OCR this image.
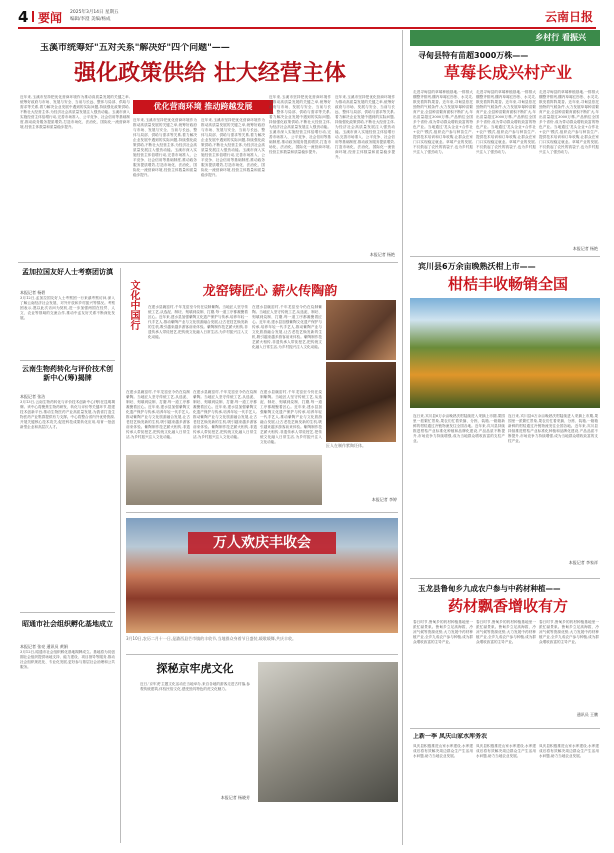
4 要闻 2025年3月14日 星期五
编辑/李澄 美编/杨成	云南日报
玉溪市统筹好"五对关系"解决好"四个问题"——
强化政策供给 壮大经营主体
近年来,玉溪市坚持把优化营商环境作为推动高质量发展的关键之举,统筹好政府与市场、发展与安全、当前与长远、整体与局部、供给与需求等关系,着力解决企业发展中遇到的实际问题,持续强化政策供给,不断壮大经营主体,为经济社会高质量发展注入强劲动能。玉溪市深入实施经营主体倍增行动,完善市场准入、公平竞争、社会信用等基础制度,推动政务服务提质增效,打造市场化、法治化、国际化一流营商环境,经营主体数量和质量稳步提升。
优化营商环境 推动跨越发展
近年来,玉溪市坚持把优化营商环境作为推动高质量发展的关键之举,统筹好政府与市场、发展与安全、当前与长远、整体与局部、供给与需求等关系,着力解决企业发展中遇到的实际问题,持续强化政策供给,不断壮大经营主体,为经济社会高质量发展注入强劲动能。玉溪市深入实施经营主体倍增行动,完善市场准入、公平竞争、社会信用等基础制度,推动政务服务提质增效,打造市场化、法治化、国际化一流营商环境,经营主体数量和质量稳步提升。
近年来,玉溪市坚持把优化营商环境作为推动高质量发展的关键之举,统筹好政府与市场、发展与安全、当前与长远、整体与局部、供给与需求等关系,着力解决企业发展中遇到的实际问题,持续强化政策供给,不断壮大经营主体,为经济社会高质量发展注入强劲动能。玉溪市深入实施经营主体倍增行动,完善市场准入、公平竞争、社会信用等基础制度,推动政务服务提质增效,打造市场化、法治化、国际化一流营商环境,经营主体数量和质量稳步提升。
近年来,玉溪市坚持把优化营商环境作为推动高质量发展的关键之举,统筹好政府与市场、发展与安全、当前与长远、整体与局部、供给与需求等关系,着力解决企业发展中遇到的实际问题,持续强化政策供给,不断壮大经营主体,为经济社会高质量发展注入强劲动能。玉溪市深入实施经营主体倍增行动,完善市场准入、公平竞争、社会信用等基础制度,推动政务服务提质增效,打造市场化、法治化、国际化一流营商环境,经营主体数量和质量稳步提升。
近年来,玉溪市坚持把优化营商环境作为推动高质量发展的关键之举,统筹好政府与市场、发展与安全、当前与长远、整体与局部、供给与需求等关系,着力解决企业发展中遇到的实际问题,持续强化政策供给,不断壮大经营主体,为经济社会高质量发展注入强劲动能。玉溪市深入实施经营主体倍增行动,完善市场准入、公平竞争、社会信用等基础制度,推动政务服务提质增效,打造市场化、法治化、国际化一流营商环境,经营主体数量和质量稳步提升。
本报记者 杨艳
孟加拉国友好人士考察团访滇
本报记者 杨碧
3月12日,孟加拉国友好人士考察团一行来滇考察访问,深入了解云南经济社会发展、对外开放和乡村振兴等情况。考察团表示,愿以此次访问为契机,进一步加强两国在经贸、人文、农业等领域的交流合作,推动中孟友好关系不断深化发展。
云南生物药转化与评价技术创新中心(筹)揭牌
本报记者 张洁
3月13日,云南生物药转化与评价技术创新中心(筹)在昆明揭牌。该中心将聚焦生物药研发、转化与评价等关键环节,搭建技术创新平台,推动生物医药产业高质量发展,为我省打造生物医药产业集群提供有力支撑。中心将整合省内外优势资源,开展关键核心技术攻关,促进科技成果转化应用,培育一批创新型企业和高层次人才。
昭通市社会组织孵化基地成立
本报记者 张亮 通讯员 黄娟
3月12日,昭通市社会组织孵化基地揭牌成立。基地将为初创期社会组织提供场地支持、能力建设、项目指导等服务,推动社会组织规范化、专业化发展,更好参与基层社会治理和公共服务。
文化中国行	龙窑铸匠心 薪火传陶韵
在建水县碗窑村,千年龙窑至今仍在烧制紫陶。当地匠人坚守传统工艺,从选泥、制坯、刻填到烧制、打磨,每一道工序都凝聚着匠心。近年来,建水县加强紫陶文化遗产保护与传承,培养年轻一代手艺人,推动紫陶产业与文化旅游融合发展,让古老技艺焕发新的生机,吸引越来越多游客前来体验。紫陶制作技艺薪火相传,非遗传承人带徒授艺,把传统文化融入日常生活,为乡村振兴注入文化动能。
在建水县碗窑村,千年龙窑至今仍在烧制紫陶。当地匠人坚守传统工艺,从选泥、制坯、刻填到烧制、打磨,每一道工序都凝聚着匠心。近年来,建水县加强紫陶文化遗产保护与传承,培养年轻一代手艺人,推动紫陶产业与文化旅游融合发展,让古老技艺焕发新的生机,吸引越来越多游客前来体验。紫陶制作技艺薪火相传,非遗传承人带徒授艺,把传统文化融入日常生活,为乡村振兴注入文化动能。
匠人在制作紫陶坯体。
在建水县碗窑村,千年龙窑至今仍在烧制紫陶。当地匠人坚守传统工艺,从选泥、制坯、刻填到烧制、打磨,每一道工序都凝聚着匠心。近年来,建水县加强紫陶文化遗产保护与传承,培养年轻一代手艺人,推动紫陶产业与文化旅游融合发展,让古老技艺焕发新的生机,吸引越来越多游客前来体验。紫陶制作技艺薪火相传,非遗传承人带徒授艺,把传统文化融入日常生活,为乡村振兴注入文化动能。
在建水县碗窑村,千年龙窑至今仍在烧制紫陶。当地匠人坚守传统工艺,从选泥、制坯、刻填到烧制、打磨,每一道工序都凝聚着匠心。近年来,建水县加强紫陶文化遗产保护与传承,培养年轻一代手艺人,推动紫陶产业与文化旅游融合发展,让古老技艺焕发新的生机,吸引越来越多游客前来体验。紫陶制作技艺薪火相传,非遗传承人带徒授艺,把传统文化融入日常生活,为乡村振兴注入文化动能。
在建水县碗窑村,千年龙窑至今仍在烧制紫陶。当地匠人坚守传统工艺,从选泥、制坯、刻填到烧制、打磨,每一道工序都凝聚着匠心。近年来,建水县加强紫陶文化遗产保护与传承,培养年轻一代手艺人,推动紫陶产业与文化旅游融合发展,让古老技艺焕发新的生机,吸引越来越多游客前来体验。紫陶制作技艺薪火相传,非遗传承人带徒授艺,把传统文化融入日常生活,为乡村振兴注入文化动能。
本报记者 李婷
万人欢庆丰收会
3月10日,农历二月十一日,是潞西县芒市镇的丰收节,当地群众身着节日盛装,载歌载舞,共庆丰收。
探秘京牢虎文化
近日,'京牢虎'主题文化活动在当地举办,来自各地的游客走进古村落,参观传统建筑,体验民俗文化,感受独具特色的虎文化魅力。
本报记者 杨晓芳
乡村行 看振兴
寻甸县特有苗超3000万株——
草莓长成兴村产业
走进寻甸县的草莓种植基地,一排排大棚整齐排列,棚内草莓红彤彤、水灵灵,散发着阵阵果香。近年来,寻甸县依托独特的气候条件,大力发展草莓种苗繁育产业,全县种苗繁育面积不断扩大,年出苗量超过3000万株,产品销往全国多个省份,成为带动群众增收致富的特色产业。当地通过'龙头企业+合作社+农户'模式,组织农户参与种苗生产,提供技术培训和订单收购,让群众在家门口实现稳定就业。草莓产业的发展,不仅鼓起了农民的钱袋子,也为乡村振兴注入了强劲动力。
走进寻甸县的草莓种植基地,一排排大棚整齐排列,棚内草莓红彤彤、水灵灵,散发着阵阵果香。近年来,寻甸县依托独特的气候条件,大力发展草莓种苗繁育产业,全县种苗繁育面积不断扩大,年出苗量超过3000万株,产品销往全国多个省份,成为带动群众增收致富的特色产业。当地通过'龙头企业+合作社+农户'模式,组织农户参与种苗生产,提供技术培训和订单收购,让群众在家门口实现稳定就业。草莓产业的发展,不仅鼓起了农民的钱袋子,也为乡村振兴注入了强劲动力。
走进寻甸县的草莓种植基地,一排排大棚整齐排列,棚内草莓红彤彤、水灵灵,散发着阵阵果香。近年来,寻甸县依托独特的气候条件,大力发展草莓种苗繁育产业,全县种苗繁育面积不断扩大,年出苗量超过3000万株,产品销往全国多个省份,成为带动群众增收致富的特色产业。当地通过'龙头企业+合作社+农户'模式,组织农户参与种苗生产,提供技术培训和订单收购,让群众在家门口实现稳定就业。草莓产业的发展,不仅鼓起了农民的钱袋子,也为乡村振兴注入了强劲动力。
本报记者 杨艳
宾川县6万余亩晚熟沃柑上市——
柑桔丰收畅销全国
连日来,宾川县6万余亩晚熟沃柑陆续进入采摘上市期,果园里一派繁忙景象,果农们忙着采摘、分拣、装箱,一箱箱新鲜的柑桔通过冷链物流发往全国各地。近年来,宾川县持续推进柑桔产业标准化种植和品牌化建设,产品品质不断提升,市场竞争力持续增强,成为当地群众增收致富的支柱产业。
连日来,宾川县6万余亩晚熟沃柑陆续进入采摘上市期,果园里一派繁忙景象,果农们忙着采摘、分拣、装箱,一箱箱新鲜的柑桔通过冷链物流发往全国各地。近年来,宾川县持续推进柑桔产业标准化种植和品牌化建设,产品品质不断提升,市场竞争力持续增强,成为当地群众增收致富的支柱产业。
本报记者 李家祥
玉龙县鲁甸乡九成农户参与中药材种植——
药材飘香增收有方
春日时节,鲁甸乡的药材种植基地里一派忙碌景象。鲁甸乡立足高海拔、冷凉气候等资源优势,大力发展中药材种植产业,全乡九成农户参与种植,成为群众增收致富的主导产业。
春日时节,鲁甸乡的药材种植基地里一派忙碌景象。鲁甸乡立足高海拔、冷凉气候等资源优势,大力发展中药材种植产业,全乡九成农户参与种植,成为群众增收致富的主导产业。
春日时节,鲁甸乡的药材种植基地里一派忙碌景象。鲁甸乡立足高海拔、冷凉气候等资源优势,大力发展中药材种植产业,全乡九成农户参与种植,成为群众增收致富的主导产业。
通讯员 王鹏
上新一季 凤庆山家水库务农
凤庆县积极推进山家水库建设,水库建成后将有效解决周边群众生产生活用水问题,助力当地农业发展。
凤庆县积极推进山家水库建设,水库建成后将有效解决周边群众生产生活用水问题,助力当地农业发展。
凤庆县积极推进山家水库建设,水库建成后将有效解决周边群众生产生活用水问题,助力当地农业发展。
